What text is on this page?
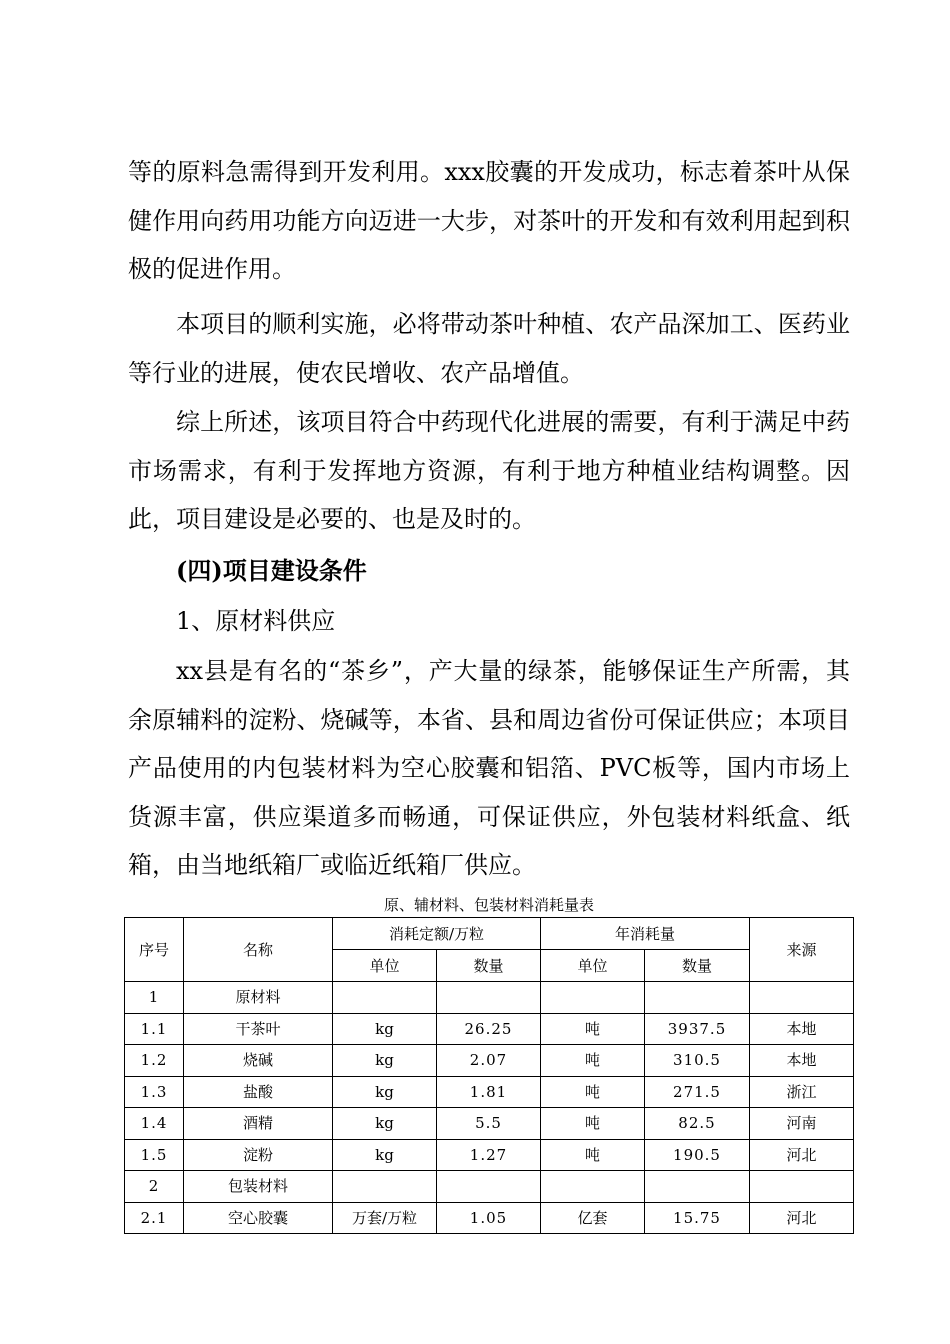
等的原料急需得到开发利用。xxx胶囊的开发成功，标志着茶叶从保健作用向药用功能方向迈进一大步，对茶叶的开发和有效利用起到积极的促进作用。

本项目的顺利实施，必将带动茶叶种植、农产品深加工、医药业等行业的进展，使农民增收、农产品增值。

综上所述，该项目符合中药现代化进展的需要，有利于满足中药市场需求，有利于发挥地方资源，有利于地方种植业结构调整。因此，项目建设是必要的、也是及时的。

(四)项目建设条件

1、原材料供应

xx县是有名的“茶乡”，产大量的绿茶，能够保证生产所需，其余原辅料的淀粉、烧碱等，本省、县和周边省份可保证供应；本项目产品使用的内包装材料为空心胶囊和铝箔、PVC板等，国内市场上货源丰富，供应渠道多而畅通，可保证供应，外包装材料纸盒、纸箱，由当地纸箱厂或临近纸箱厂供应。

原、辅材料、包装材料消耗量表
序号	名称	消耗定额/万粒		年消耗量		来源
		单位	数量	单位	数量	
1	原材料					
1.1	干茶叶	kg	26.25	吨	3937.5	本地
1.2	烧碱	kg	2.07	吨	310.5	本地
1.3	盐酸	kg	1.81	吨	271.5	浙江
1.4	酒精	kg	5.5	吨	82.5	河南
1.5	淀粉	kg	1.27	吨	190.5	河北
2	包装材料					
2.1	空心胶囊	万套/万粒	1.05	亿套	15.75	河北
